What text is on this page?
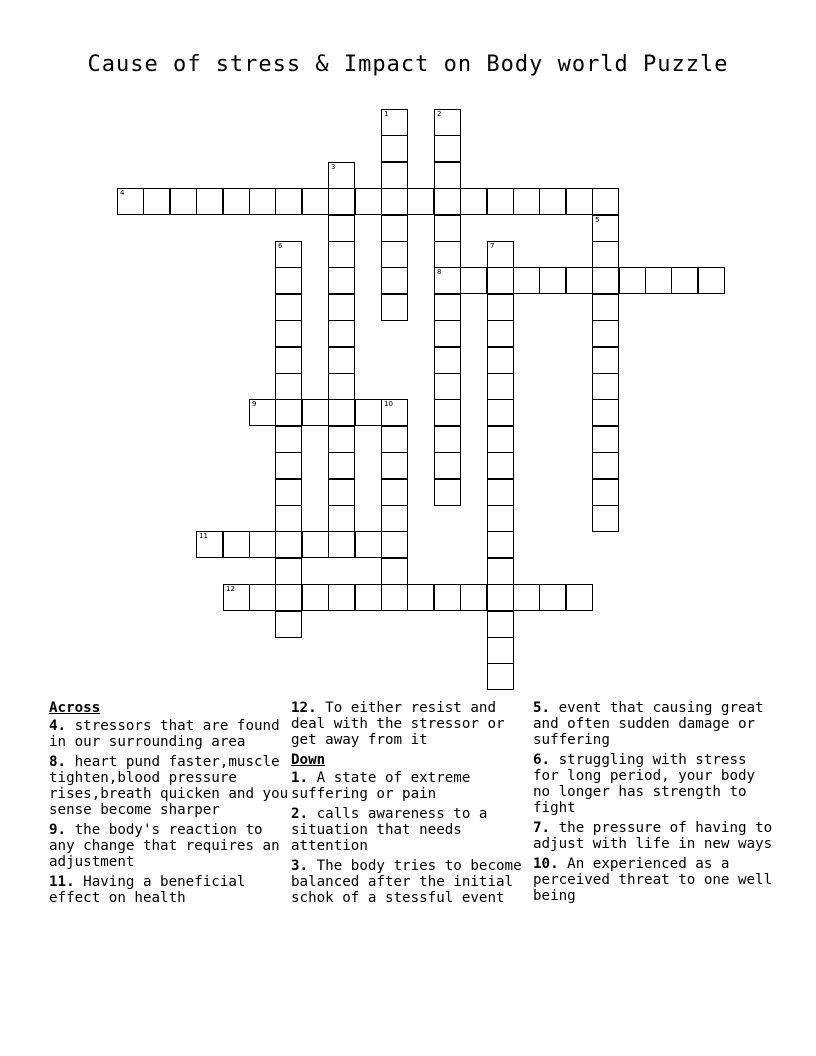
Cause of stress & Impact on Body world Puzzle
1	2
8
3
4
5
6	7
9	10
11
12
Across
4. stressors that are found in our surrounding area
8. heart pund faster,muscle tighten,blood pressure rises,breath quicken and you sense become sharper
9. the body's reaction to any change that requires an adjustment
11. Having a beneficial effect on health
12. To either resist and deal with the stressor or get away from it
Down
1. A state of extreme suffering or pain
2. calls awareness to a situation that needs attention
3. The body tries to become balanced after the initial schok of a stessful event
5. event that causing great and often sudden damage or suffering
6. struggling with stress for long period, your body no longer has strength to fight
7. the pressure of having to adjust with life in new ways
10. An experienced as a perceived threat to one well being
